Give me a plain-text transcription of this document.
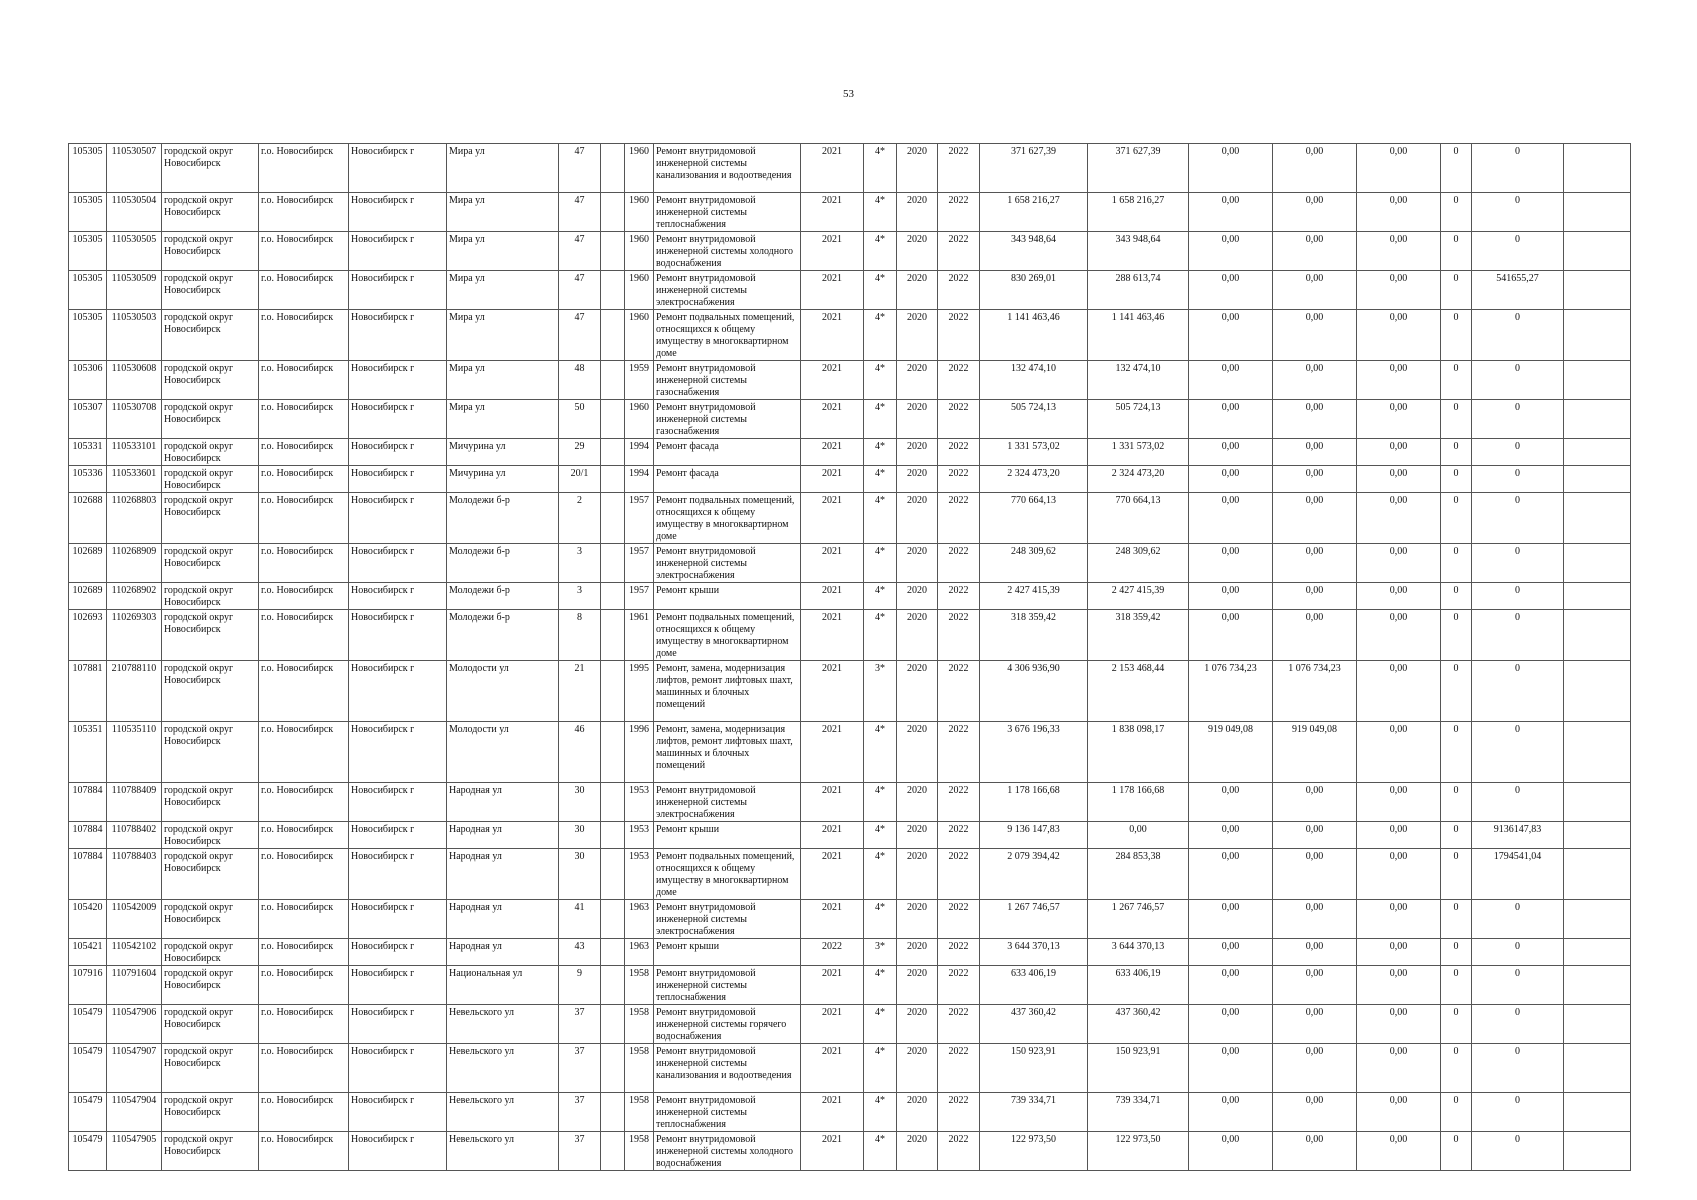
53
105305	110530507	городской округ Новосибирск	г.о. Новосибирск	Новосибирск г	Мира ул	47		1960	Ремонт внутридомовой инженерной системы канализования и водоотведения	2021	4*	2020	2022	371 627,39	371 627,39	0,00	0,00	0,00	0	0	
105305	110530504	городской округ Новосибирск	г.о. Новосибирск	Новосибирск г	Мира ул	47		1960	Ремонт внутридомовой инженерной системы теплоснабжения	2021	4*	2020	2022	1 658 216,27	1 658 216,27	0,00	0,00	0,00	0	0	
105305	110530505	городской округ Новосибирск	г.о. Новосибирск	Новосибирск г	Мира ул	47		1960	Ремонт внутридомовой инженерной системы холодного водоснабжения	2021	4*	2020	2022	343 948,64	343 948,64	0,00	0,00	0,00	0	0	
105305	110530509	городской округ Новосибирск	г.о. Новосибирск	Новосибирск г	Мира ул	47		1960	Ремонт внутридомовой инженерной системы электроснабжения	2021	4*	2020	2022	830 269,01	288 613,74	0,00	0,00	0,00	0	541655,27	
105305	110530503	городской округ Новосибирск	г.о. Новосибирск	Новосибирск г	Мира ул	47		1960	Ремонт подвальных помещений, относящихся к общему имуществу в многоквартирном доме	2021	4*	2020	2022	1 141 463,46	1 141 463,46	0,00	0,00	0,00	0	0	
105306	110530608	городской округ Новосибирск	г.о. Новосибирск	Новосибирск г	Мира ул	48		1959	Ремонт внутридомовой инженерной системы газоснабжения	2021	4*	2020	2022	132 474,10	132 474,10	0,00	0,00	0,00	0	0	
105307	110530708	городской округ Новосибирск	г.о. Новосибирск	Новосибирск г	Мира ул	50		1960	Ремонт внутридомовой инженерной системы газоснабжения	2021	4*	2020	2022	505 724,13	505 724,13	0,00	0,00	0,00	0	0	
105331	110533101	городской округ Новосибирск	г.о. Новосибирск	Новосибирск г	Мичурина ул	29		1994	Ремонт фасада	2021	4*	2020	2022	1 331 573,02	1 331 573,02	0,00	0,00	0,00	0	0	
105336	110533601	городской округ Новосибирск	г.о. Новосибирск	Новосибирск г	Мичурина ул	20/1		1994	Ремонт фасада	2021	4*	2020	2022	2 324 473,20	2 324 473,20	0,00	0,00	0,00	0	0	
102688	110268803	городской округ Новосибирск	г.о. Новосибирск	Новосибирск г	Молодежи б-р	2		1957	Ремонт подвальных помещений, относящихся к общему имуществу в многоквартирном доме	2021	4*	2020	2022	770 664,13	770 664,13	0,00	0,00	0,00	0	0	
102689	110268909	городской округ Новосибирск	г.о. Новосибирск	Новосибирск г	Молодежи б-р	3		1957	Ремонт внутридомовой инженерной системы электроснабжения	2021	4*	2020	2022	248 309,62	248 309,62	0,00	0,00	0,00	0	0	
102689	110268902	городской округ Новосибирск	г.о. Новосибирск	Новосибирск г	Молодежи б-р	3		1957	Ремонт крыши	2021	4*	2020	2022	2 427 415,39	2 427 415,39	0,00	0,00	0,00	0	0	
102693	110269303	городской округ Новосибирск	г.о. Новосибирск	Новосибирск г	Молодежи б-р	8		1961	Ремонт подвальных помещений, относящихся к общему имуществу в многоквартирном доме	2021	4*	2020	2022	318 359,42	318 359,42	0,00	0,00	0,00	0	0	
107881	210788110	городской округ Новосибирск	г.о. Новосибирск	Новосибирск г	Молодости ул	21		1995	Ремонт, замена, модернизация лифтов, ремонт лифтовых шахт, машинных и блочных помещений	2021	3*	2020	2022	4 306 936,90	2 153 468,44	1 076 734,23	1 076 734,23	0,00	0	0	
105351	110535110	городской округ Новосибирск	г.о. Новосибирск	Новосибирск г	Молодости ул	46		1996	Ремонт, замена, модернизация лифтов, ремонт лифтовых шахт, машинных и блочных помещений	2021	4*	2020	2022	3 676 196,33	1 838 098,17	919 049,08	919 049,08	0,00	0	0	
107884	110788409	городской округ Новосибирск	г.о. Новосибирск	Новосибирск г	Народная ул	30		1953	Ремонт внутридомовой инженерной системы электроснабжения	2021	4*	2020	2022	1 178 166,68	1 178 166,68	0,00	0,00	0,00	0	0	
107884	110788402	городской округ Новосибирск	г.о. Новосибирск	Новосибирск г	Народная ул	30		1953	Ремонт крыши	2021	4*	2020	2022	9 136 147,83	0,00	0,00	0,00	0,00	0	9136147,83	
107884	110788403	городской округ Новосибирск	г.о. Новосибирск	Новосибирск г	Народная ул	30		1953	Ремонт подвальных помещений, относящихся к общему имуществу в многоквартирном доме	2021	4*	2020	2022	2 079 394,42	284 853,38	0,00	0,00	0,00	0	1794541,04	
105420	110542009	городской округ Новосибирск	г.о. Новосибирск	Новосибирск г	Народная ул	41		1963	Ремонт внутридомовой инженерной системы электроснабжения	2021	4*	2020	2022	1 267 746,57	1 267 746,57	0,00	0,00	0,00	0	0	
105421	110542102	городской округ Новосибирск	г.о. Новосибирск	Новосибирск г	Народная ул	43		1963	Ремонт крыши	2022	3*	2020	2022	3 644 370,13	3 644 370,13	0,00	0,00	0,00	0	0	
107916	110791604	городской округ Новосибирск	г.о. Новосибирск	Новосибирск г	Национальная ул	9		1958	Ремонт внутридомовой инженерной системы теплоснабжения	2021	4*	2020	2022	633 406,19	633 406,19	0,00	0,00	0,00	0	0	
105479	110547906	городской округ Новосибирск	г.о. Новосибирск	Новосибирск г	Невельского ул	37		1958	Ремонт внутридомовой инженерной системы горячего водоснабжения	2021	4*	2020	2022	437 360,42	437 360,42	0,00	0,00	0,00	0	0	
105479	110547907	городской округ Новосибирск	г.о. Новосибирск	Новосибирск г	Невельского ул	37		1958	Ремонт внутридомовой инженерной системы канализования и водоотведения	2021	4*	2020	2022	150 923,91	150 923,91	0,00	0,00	0,00	0	0	
105479	110547904	городской округ Новосибирск	г.о. Новосибирск	Новосибирск г	Невельского ул	37		1958	Ремонт внутридомовой инженерной системы теплоснабжения	2021	4*	2020	2022	739 334,71	739 334,71	0,00	0,00	0,00	0	0	
105479	110547905	городской округ Новосибирск	г.о. Новосибирск	Новосибирск г	Невельского ул	37		1958	Ремонт внутридомовой инженерной системы холодного водоснабжения	2021	4*	2020	2022	122 973,50	122 973,50	0,00	0,00	0,00	0	0	
